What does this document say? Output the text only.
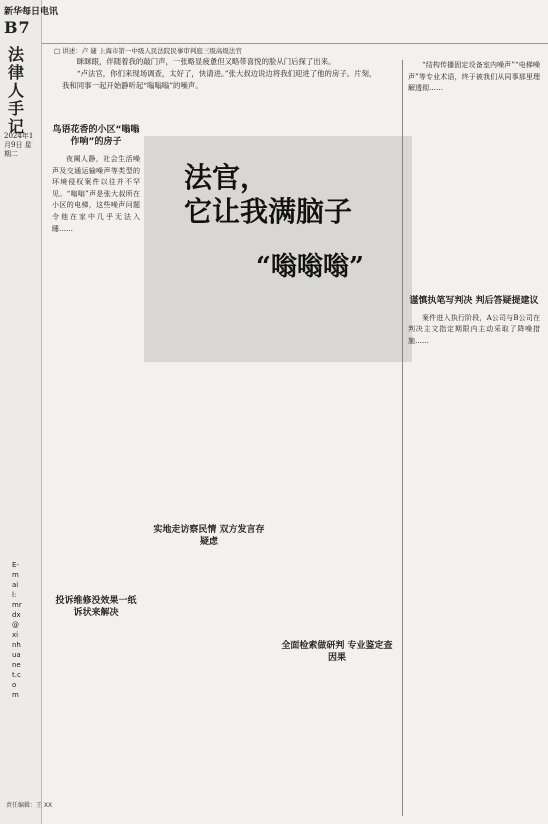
新华每日电讯
B7
法律人手记
2024年1月9日 星期二
E-mail: mrdx@xinhuanet.com
□ 讲述：卢 婕 上海市第一中级人民法院民事审判庭三级高级法官

眯眯眼，伴随着我的敲门声，一张略显疲惫但又略带喜悦的脸从门后探了出来。

“卢法官，你们来现场调查，太好了，快请进。”张大叔边说边将我们迎进了他的房子。片刻，我和同事一起开始静听起“嗡嗡嗡”的噪声。

法官，
它让我满脑子
“嗡嗡嗡”
鸟语花香的小区“嗡嗡作响”的房子

夜阑人静，社会生活噪声及交通运输噪声等类型的环境侵权案件以往并不罕见。“嗡嗡”声是张大叔所在小区的电梯，这些噪声问题令他在家中几乎无法入睡……

投诉维修没效果一纸诉状来解决
实地走访察民情 双方发言存疑虑
全面检索做研判 专业鉴定查因果

“结构传播固定设备室内噪声”“电梯噪声”等专业术语，终于被我们从同事那里理解透彻……

谨慎执笔写判决 判后答疑提建议

案件进入执行阶段，A公司与B公司在判决主文指定期限内主动采取了降噪措施……

责任编辑：王 XX
